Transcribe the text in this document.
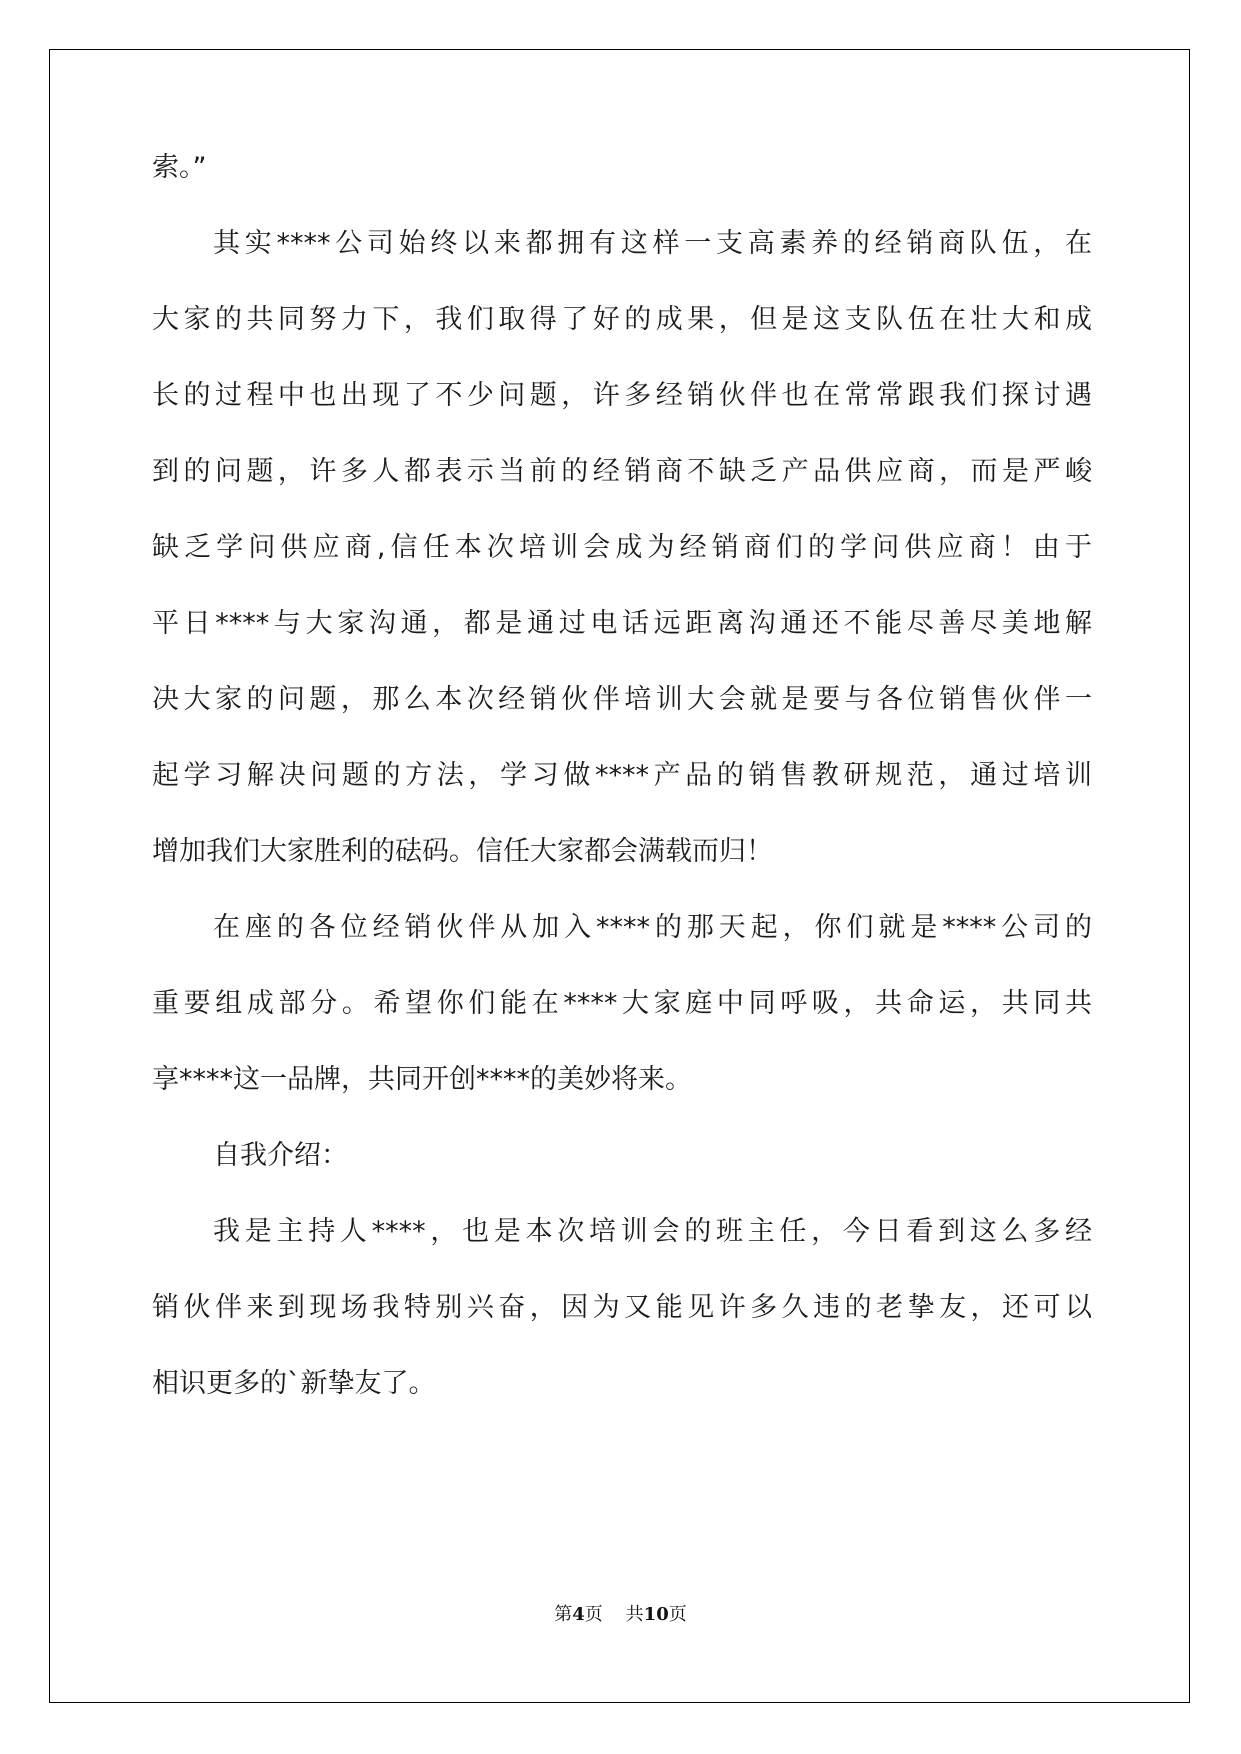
索。”
其实****公司始终以来都拥有这样一支高素养的经销商队伍，在
大家的共同努力下，我们取得了好的成果，但是这支队伍在壮大和成
长的过程中也出现了不少问题，许多经销伙伴也在常常跟我们探讨遇
到的问题，许多人都表示当前的经销商不缺乏产品供应商，而是严峻
缺乏学问供应商,信任本次培训会成为经销商们的学问供应商！由于
平日****与大家沟通，都是通过电话远距离沟通还不能尽善尽美地解
决大家的问题，那么本次经销伙伴培训大会就是要与各位销售伙伴一
起学习解决问题的方法，学习做****产品的销售教研规范，通过培训
增加我们大家胜利的砝码。信任大家都会满载而归！
在座的各位经销伙伴从加入****的那天起，你们就是****公司的
重要组成部分。希望你们能在****大家庭中同呼吸，共命运，共同共
享****这一品牌，共同开创****的美妙将来。
自我介绍：
我是主持人****，也是本次培训会的班主任，今日看到这么多经
销伙伴来到现场我特别兴奋，因为又能见许多久违的老挚友，还可以
相识更多的`新挚友了。
第4页 共10页
